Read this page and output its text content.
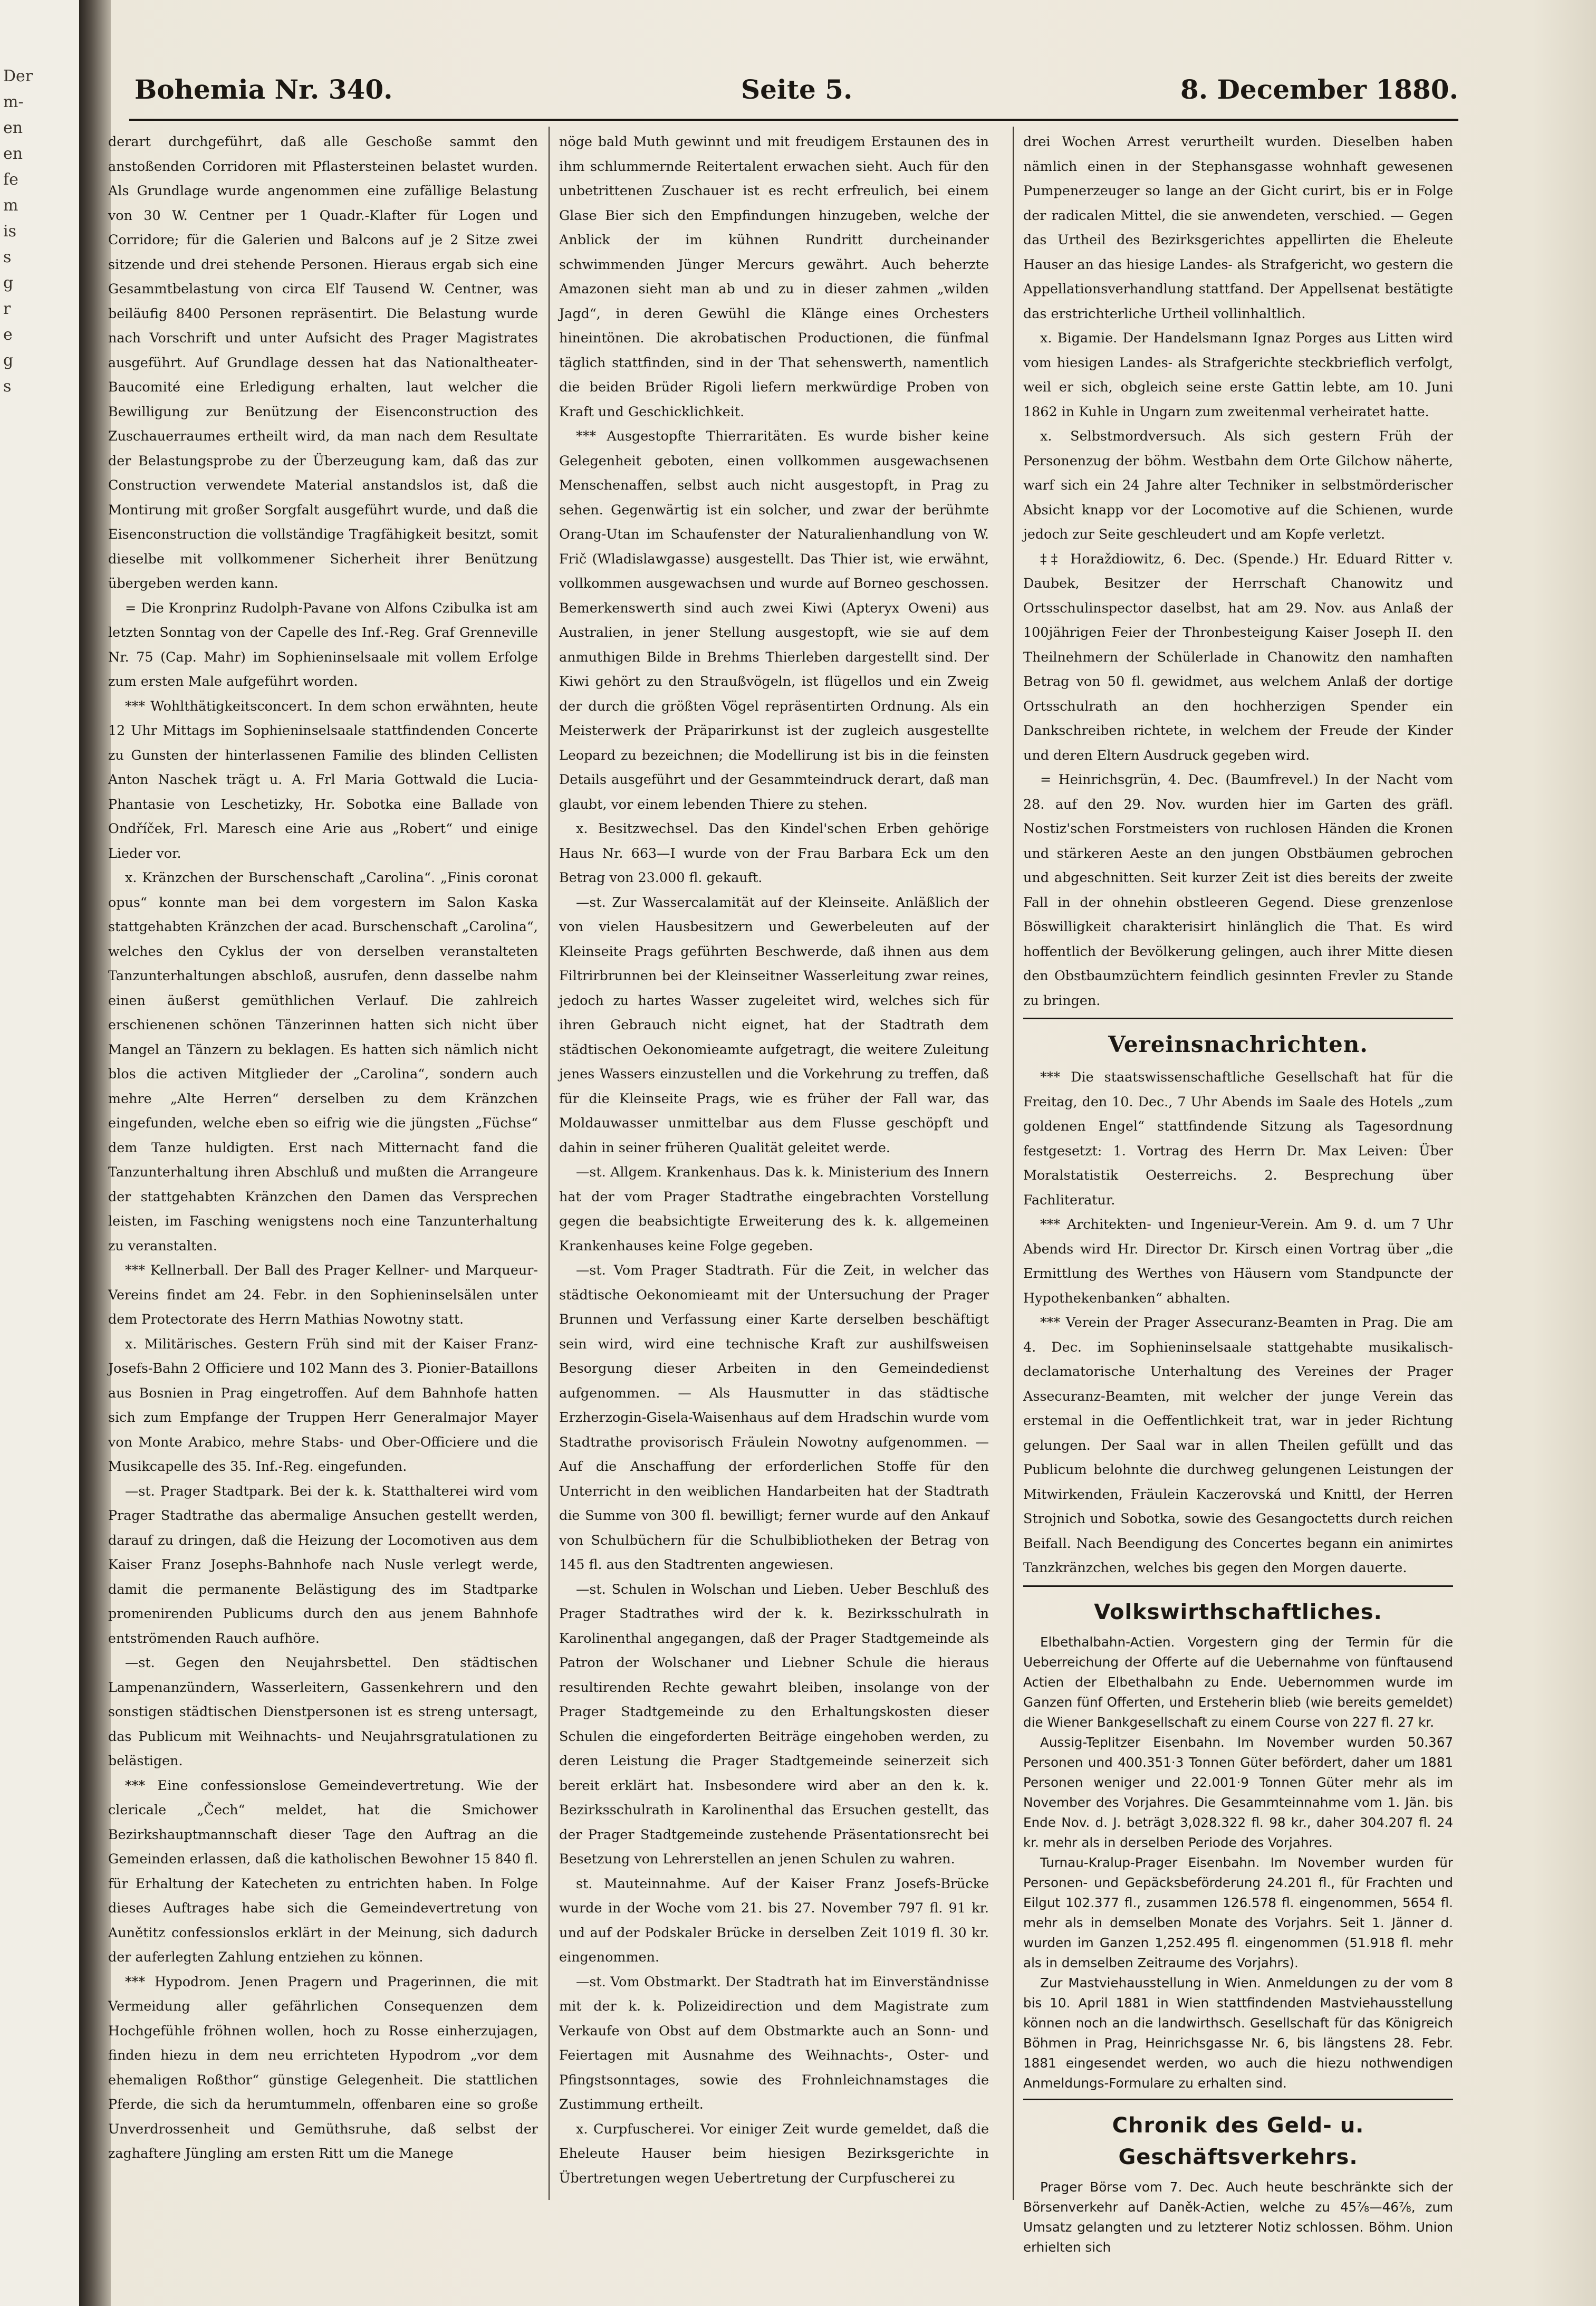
Der
m-
en
en
fe
m
is
s
g
r
e
g
s
Bohemia Nr. 340.	Seite 5.	8. December 1880.

derart durchgeführt, daß alle Geschoße sammt den anstoßenden Corridoren mit Pflastersteinen belastet wurden. Als Grundlage wurde angenommen eine zufällige Belastung von 30 W. Centner per 1 Quadr.-Klafter für Logen und Corridore; für die Galerien und Balcons auf je 2 Sitze zwei sitzende und drei stehende Personen. Hieraus ergab sich eine Gesammtbelastung von circa Elf Tausend W. Centner, was beiläufig 8400 Personen repräsentirt. Die Belastung wurde nach Vorschrift und unter Aufsicht des Prager Magistrates ausgeführt. Auf Grundlage dessen hat das Nationaltheater-Baucomité eine Erledigung erhalten, laut welcher die Bewilligung zur Benützung der Eisenconstruction des Zuschauerraumes ertheilt wird, da man nach dem Resultate der Belastungsprobe zu der Überzeugung kam, daß das zur Construction verwendete Material anstandslos ist, daß die Montirung mit großer Sorgfalt ausgeführt wurde, und daß die Eisenconstruction die vollständige Tragfähigkeit besitzt, somit dieselbe mit vollkommener Sicherheit ihrer Benützung übergeben werden kann.

= Die Kronprinz Rudolph-Pavane von Alfons Czibulka ist am letzten Sonntag von der Capelle des Inf.-Reg. Graf Grenneville Nr. 75 (Cap. Mahr) im Sophieninselsaale mit vollem Erfolge zum ersten Male aufgeführt worden.

*** Wohlthätigkeitsconcert. In dem schon erwähnten, heute 12 Uhr Mittags im Sophieninselsaale stattfindenden Concerte zu Gunsten der hinterlassenen Familie des blinden Cellisten Anton Naschek trägt u. A. Frl Maria Gottwald die Lucia-Phantasie von Leschetizky, Hr. Sobotka eine Ballade von Ondříček, Frl. Maresch eine Arie aus „Robert“ und einige Lieder vor.

x. Kränzchen der Burschenschaft „Carolina“. „Finis coronat opus“ konnte man bei dem vorgestern im Salon Kaska stattgehabten Kränzchen der acad. Burschenschaft „Carolina“, welches den Cyklus der von derselben veranstalteten Tanzunterhaltungen abschloß, ausrufen, denn dasselbe nahm einen äußerst gemüthlichen Verlauf. Die zahlreich erschienenen schönen Tänzerinnen hatten sich nicht über Mangel an Tänzern zu beklagen. Es hatten sich nämlich nicht blos die activen Mitglieder der „Carolina“, sondern auch mehre „Alte Herren“ derselben zu dem Kränzchen eingefunden, welche eben so eifrig wie die jüngsten „Füchse“ dem Tanze huldigten. Erst nach Mitternacht fand die Tanzunterhaltung ihren Abschluß und mußten die Arrangeure der stattgehabten Kränzchen den Damen das Versprechen leisten, im Fasching wenigstens noch eine Tanzunterhaltung zu veranstalten.

*** Kellnerball. Der Ball des Prager Kellner- und Marqueur-Vereins findet am 24. Febr. in den Sophieninselsälen unter dem Protectorate des Herrn Mathias Nowotny statt.

x. Militärisches. Gestern Früh sind mit der Kaiser Franz-Josefs-Bahn 2 Officiere und 102 Mann des 3. Pionier-Bataillons aus Bosnien in Prag eingetroffen. Auf dem Bahnhofe hatten sich zum Empfange der Truppen Herr Generalmajor Mayer von Monte Arabico, mehre Stabs- und Ober-Officiere und die Musikcapelle des 35. Inf.-Reg. eingefunden.

—st. Prager Stadtpark. Bei der k. k. Statthalterei wird vom Prager Stadtrathe das abermalige Ansuchen gestellt werden, darauf zu dringen, daß die Heizung der Locomotiven aus dem Kaiser Franz Josephs-Bahnhofe nach Nusle verlegt werde, damit die permanente Belästigung des im Stadtparke promenirenden Publicums durch den aus jenem Bahnhofe entströmenden Rauch aufhöre.

—st. Gegen den Neujahrsbettel. Den städtischen Lampenanzündern, Wasserleitern, Gassenkehrern und den sonstigen städtischen Dienstpersonen ist es streng untersagt, das Publicum mit Weihnachts- und Neujahrsgratulationen zu belästigen.

*** Eine confessionslose Gemeindevertretung. Wie der clericale „Čech“ meldet, hat die Smichower Bezirkshauptmannschaft dieser Tage den Auftrag an die Gemeinden erlassen, daß die katholischen Bewohner 15 840 fl. für Erhaltung der Katecheten zu entrichten haben. In Folge dieses Auftrages habe sich die Gemeindevertretung von Aunětitz confessionslos erklärt in der Meinung, sich dadurch der auferlegten Zahlung entziehen zu können.

*** Hypodrom. Jenen Pragern und Pragerinnen, die mit Vermeidung aller gefährlichen Consequenzen dem Hochgefühle fröhnen wollen, hoch zu Rosse einherzujagen, finden hiezu in dem neu errichteten Hypodrom „vor dem ehemaligen Roßthor“ günstige Gelegenheit. Die stattlichen Pferde, die sich da herumtummeln, offenbaren eine so große Unverdrossenheit und Gemüthsruhe, daß selbst der zaghaftere Jüngling am ersten Ritt um die Manege

nöge bald Muth gewinnt und mit freudigem Erstaunen des in ihm schlummernde Reitertalent erwachen sieht. Auch für den unbetrittenen Zuschauer ist es recht erfreulich, bei einem Glase Bier sich den Empfindungen hinzugeben, welche der Anblick der im kühnen Rundritt durcheinander schwimmenden Jünger Mercurs gewährt. Auch beherzte Amazonen sieht man ab und zu in dieser zahmen „wilden Jagd“, in deren Gewühl die Klänge eines Orchesters hineintönen. Die akrobatischen Productionen, die fünfmal täglich stattfinden, sind in der That sehenswerth, namentlich die beiden Brüder Rigoli liefern merkwürdige Proben von Kraft und Geschicklichkeit.

*** Ausgestopfte Thierraritäten. Es wurde bisher keine Gelegenheit geboten, einen vollkommen ausgewachsenen Menschenaffen, selbst auch nicht ausgestopft, in Prag zu sehen. Gegenwärtig ist ein solcher, und zwar der berühmte Orang-Utan im Schaufenster der Naturalienhandlung von W. Frič (Wladislawgasse) ausgestellt. Das Thier ist, wie erwähnt, vollkommen ausgewachsen und wurde auf Borneo geschossen. Bemerkenswerth sind auch zwei Kiwi (Apteryx Oweni) aus Australien, in jener Stellung ausgestopft, wie sie auf dem anmuthigen Bilde in Brehms Thierleben dargestellt sind. Der Kiwi gehört zu den Straußvögeln, ist flügellos und ein Zweig der durch die größten Vögel repräsentirten Ordnung. Als ein Meisterwerk der Präparirkunst ist der zugleich ausgestellte Leopard zu bezeichnen; die Modellirung ist bis in die feinsten Details ausgeführt und der Gesammteindruck derart, daß man glaubt, vor einem lebenden Thiere zu stehen.

x. Besitzwechsel. Das den Kindel'schen Erben gehörige Haus Nr. 663—I wurde von der Frau Barbara Eck um den Betrag von 23.000 fl. gekauft.

—st. Zur Wassercalamität auf der Kleinseite. Anläßlich der von vielen Hausbesitzern und Gewerbeleuten auf der Kleinseite Prags geführten Beschwerde, daß ihnen aus dem Filtrirbrunnen bei der Kleinseitner Wasserleitung zwar reines, jedoch zu hartes Wasser zugeleitet wird, welches sich für ihren Gebrauch nicht eignet, hat der Stadtrath dem städtischen Oekonomieamte aufgetragt, die weitere Zuleitung jenes Wassers einzustellen und die Vorkehrung zu treffen, daß für die Kleinseite Prags, wie es früher der Fall war, das Moldauwasser unmittelbar aus dem Flusse geschöpft und dahin in seiner früheren Qualität geleitet werde.

—st. Allgem. Krankenhaus. Das k. k. Ministerium des Innern hat der vom Prager Stadtrathe eingebrachten Vorstellung gegen die beabsichtigte Erweiterung des k. k. allgemeinen Krankenhauses keine Folge gegeben.

—st. Vom Prager Stadtrath. Für die Zeit, in welcher das städtische Oekonomieamt mit der Untersuchung der Prager Brunnen und Verfassung einer Karte derselben beschäftigt sein wird, wird eine technische Kraft zur aushilfsweisen Besorgung dieser Arbeiten in den Gemeindedienst aufgenommen. — Als Hausmutter in das städtische Erzherzogin-Gisela-Waisenhaus auf dem Hradschin wurde vom Stadtrathe provisorisch Fräulein Nowotny aufgenommen. — Auf die Anschaffung der erforderlichen Stoffe für den Unterricht in den weiblichen Handarbeiten hat der Stadtrath die Summe von 300 fl. bewilligt; ferner wurde auf den Ankauf von Schulbüchern für die Schulbibliotheken der Betrag von 145 fl. aus den Stadtrenten angewiesen.

—st. Schulen in Wolschan und Lieben. Ueber Beschluß des Prager Stadtrathes wird der k. k. Bezirksschulrath in Karolinenthal angegangen, daß der Prager Stadtgemeinde als Patron der Wolschaner und Liebner Schule die hieraus resultirenden Rechte gewahrt bleiben, insolange von der Prager Stadtgemeinde zu den Erhaltungskosten dieser Schulen die eingeforderten Beiträge eingehoben werden, zu deren Leistung die Prager Stadtgemeinde seinerzeit sich bereit erklärt hat. Insbesondere wird aber an den k. k. Bezirksschulrath in Karolinenthal das Ersuchen gestellt, das der Prager Stadtgemeinde zustehende Präsentationsrecht bei Besetzung von Lehrerstellen an jenen Schulen zu wahren.

st. Mauteinnahme. Auf der Kaiser Franz Josefs-Brücke wurde in der Woche vom 21. bis 27. November 797 fl. 91 kr. und auf der Podskaler Brücke in derselben Zeit 1019 fl. 30 kr. eingenommen.

—st. Vom Obstmarkt. Der Stadtrath hat im Einverständnisse mit der k. k. Polizeidirection und dem Magistrate zum Verkaufe von Obst auf dem Obstmarkte auch an Sonn- und Feiertagen mit Ausnahme des Weihnachts-, Oster- und Pfingstsonntages, sowie des Frohnleichnamstages die Zustimmung ertheilt.

x. Curpfuscherei. Vor einiger Zeit wurde gemeldet, daß die Eheleute Hauser beim hiesigen Bezirksgerichte in Übertretungen wegen Uebertretung der Curpfuscherei zu

drei Wochen Arrest verurtheilt wurden. Dieselben haben nämlich einen in der Stephansgasse wohnhaft gewesenen Pumpenerzeuger so lange an der Gicht curirt, bis er in Folge der radicalen Mittel, die sie anwendeten, verschied. — Gegen das Urtheil des Bezirksgerichtes appellirten die Eheleute Hauser an das hiesige Landes- als Strafgericht, wo gestern die Appellationsverhandlung stattfand. Der Appellsenat bestätigte das erstrichterliche Urtheil vollinhaltlich.

x. Bigamie. Der Handelsmann Ignaz Porges aus Litten wird vom hiesigen Landes- als Strafgerichte steckbrieflich verfolgt, weil er sich, obgleich seine erste Gattin lebte, am 10. Juni 1862 in Kuhle in Ungarn zum zweitenmal verheiratet hatte.

x. Selbstmordversuch. Als sich gestern Früh der Personenzug der böhm. Westbahn dem Orte Gilchow näherte, warf sich ein 24 Jahre alter Techniker in selbstmörderischer Absicht knapp vor der Locomotive auf die Schienen, wurde jedoch zur Seite geschleudert und am Kopfe verletzt.

‡‡ Horaždiowitz, 6. Dec. (Spende.) Hr. Eduard Ritter v. Daubek, Besitzer der Herrschaft Chanowitz und Ortsschulinspector daselbst, hat am 29. Nov. aus Anlaß der 100jährigen Feier der Thronbesteigung Kaiser Joseph II. den Theilnehmern der Schülerlade in Chanowitz den namhaften Betrag von 50 fl. gewidmet, aus welchem Anlaß der dortige Ortsschulrath an den hochherzigen Spender ein Dankschreiben richtete, in welchem der Freude der Kinder und deren Eltern Ausdruck gegeben wird.

= Heinrichsgrün, 4. Dec. (Baumfrevel.) In der Nacht vom 28. auf den 29. Nov. wurden hier im Garten des gräfl. Nostiz'schen Forstmeisters von ruchlosen Händen die Kronen und stärkeren Aeste an den jungen Obstbäumen gebrochen und abgeschnitten. Seit kurzer Zeit ist dies bereits der zweite Fall in der ohnehin obstleeren Gegend. Diese grenzenlose Böswilligkeit charakterisirt hinlänglich die That. Es wird hoffentlich der Bevölkerung gelingen, auch ihrer Mitte diesen den Obstbaumzüchtern feindlich gesinnten Frevler zu Stande zu bringen.

Vereinsnachrichten.

*** Die staatswissenschaftliche Gesellschaft hat für die Freitag, den 10. Dec., 7 Uhr Abends im Saale des Hotels „zum goldenen Engel“ stattfindende Sitzung als Tagesordnung festgesetzt: 1. Vortrag des Herrn Dr. Max Leiven: Über Moralstatistik Oesterreichs. 2. Besprechung über Fachliteratur.

*** Architekten- und Ingenieur-Verein. Am 9. d. um 7 Uhr Abends wird Hr. Director Dr. Kirsch einen Vortrag über „die Ermittlung des Werthes von Häusern vom Standpuncte der Hypothekenbanken“ abhalten.

*** Verein der Prager Assecuranz-Beamten in Prag. Die am 4. Dec. im Sophieninselsaale stattgehabte musikalisch-declamatorische Unterhaltung des Vereines der Prager Assecuranz-Beamten, mit welcher der junge Verein das erstemal in die Oeffentlichkeit trat, war in jeder Richtung gelungen. Der Saal war in allen Theilen gefüllt und das Publicum belohnte die durchweg gelungenen Leistungen der Mitwirkenden, Fräulein Kaczerovská und Knittl, der Herren Strojnich und Sobotka, sowie des Gesangoctetts durch reichen Beifall. Nach Beendigung des Concertes begann ein animirtes Tanzkränzchen, welches bis gegen den Morgen dauerte.

Volkswirthschaftliches.

Elbethalbahn-Actien. Vorgestern ging der Termin für die Ueberreichung der Offerte auf die Uebernahme von fünftausend Actien der Elbethalbahn zu Ende. Uebernommen wurde im Ganzen fünf Offerten, und Ersteherin blieb (wie bereits gemeldet) die Wiener Bankgesellschaft zu einem Course von 227 fl. 27 kr.

Aussig-Teplitzer Eisenbahn. Im November wurden 50.367 Personen und 400.351·3 Tonnen Güter befördert, daher um 1881 Personen weniger und 22.001·9 Tonnen Güter mehr als im November des Vorjahres. Die Gesammteinnahme vom 1. Jän. bis Ende Nov. d. J. beträgt 3,028.322 fl. 98 kr., daher 304.207 fl. 24 kr. mehr als in derselben Periode des Vorjahres.

Turnau-Kralup-Prager Eisenbahn. Im November wurden für Personen- und Gepäcksbeförderung 24.201 fl., für Frachten und Eilgut 102.377 fl., zusammen 126.578 fl. eingenommen, 5654 fl. mehr als in demselben Monate des Vorjahrs. Seit 1. Jänner d. wurden im Ganzen 1,252.495 fl. eingenommen (51.918 fl. mehr als in demselben Zeitraume des Vorjahrs).

Zur Mastviehausstellung in Wien. Anmeldungen zu der vom 8 bis 10. April 1881 in Wien stattfindenden Mastviehausstellung können noch an die landwirthsch. Gesellschaft für das Königreich Böhmen in Prag, Heinrichsgasse Nr. 6, bis längstens 28. Febr. 1881 eingesendet werden, wo auch die hiezu nothwendigen Anmeldungs-Formulare zu erhalten sind.

Chronik des Geld- u. Geschäftsverkehrs.

Prager Börse vom 7. Dec. Auch heute beschränkte sich der Börsenverkehr auf Daněk-Actien, welche zu 45⅞—46⅞, zum Umsatz gelangten und zu letzterer Notiz schlossen. Böhm. Union erhielten sich
